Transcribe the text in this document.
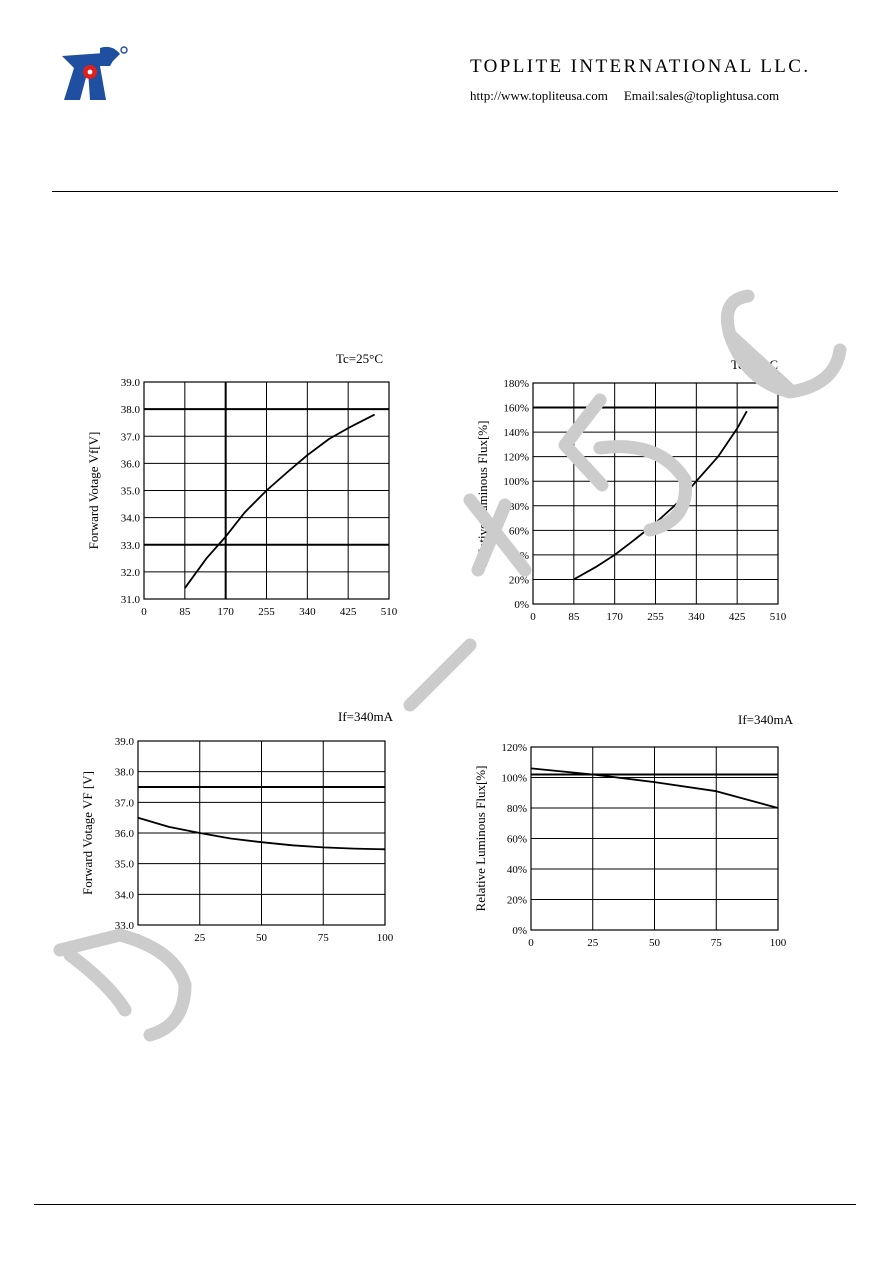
TOPLITE INTERNATIONAL LLC.
http://www.topliteusa.com Email:sales@toplightusa.com
0	85 170 255 340 425 510
31.0
32.0
33.0
34.0
35.0
36.0
37.0
38.0
39.0
Tc=25°C
Forward Votage Vf[V]
0	85 170 255 340 425 510
0%
20%
40%
60%
80%
100%
120%
140%
160%
180%
Tc=25°C
Relative Luminous Flux[%]
0	25	50	75	100
33.0
34.0
35.0
36.0
37.0
38.0
39.0
If=340mA
Forward Votage VF [V]
0	25	50	75	100
0%
20%
40%
60%
80%
100%
120%
If=340mA
Relative Luminous Flux[%]
